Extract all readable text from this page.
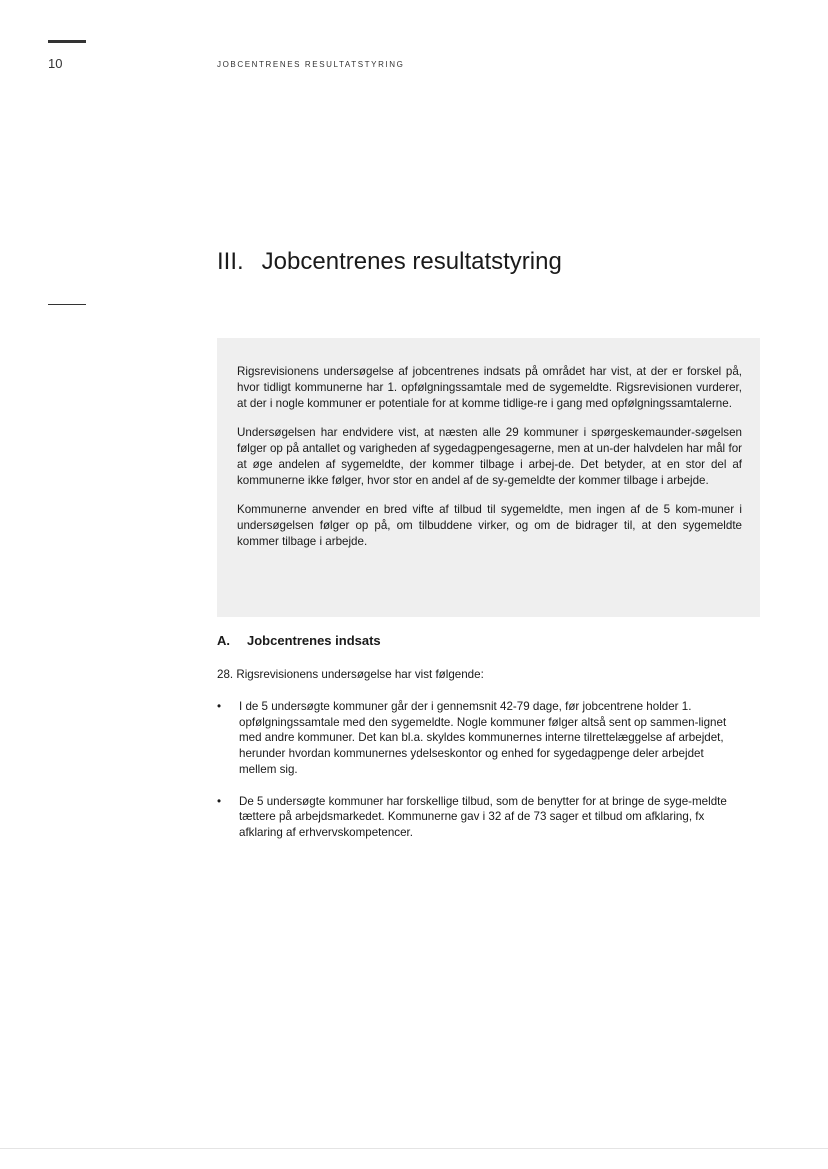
10	JOBCENTRENES RESULTATSTYRING
III. Jobcentrenes resultatstyring

Rigsrevisionens undersøgelse af jobcentrenes indsats på området har vist, at der er forskel på, hvor tidligt kommunerne har 1. opfølgningssamtale med de sygemeldte. Rigsrevisionen vurderer, at der i nogle kommuner er potentiale for at komme tidlige-re i gang med opfølgningssamtalerne.

Undersøgelsen har endvidere vist, at næsten alle 29 kommuner i spørgeskemaunder-søgelsen følger op på antallet og varigheden af sygedagpengesagerne, men at un-der halvdelen har mål for at øge andelen af sygemeldte, der kommer tilbage i arbej-de. Det betyder, at en stor del af kommunerne ikke følger, hvor stor en andel af de sy-gemeldte der kommer tilbage i arbejde.

Kommunerne anvender en bred vifte af tilbud til sygemeldte, men ingen af de 5 kom-muner i undersøgelsen følger op på, om tilbuddene virker, og om de bidrager til, at den sygemeldte kommer tilbage i arbejde.

A. Jobcentrenes indsats
28. Rigsrevisionens undersøgelse har vist følgende:
• I de 5 undersøgte kommuner går der i gennemsnit 42-79 dage, før jobcentrene holder 1. opfølgningssamtale med den sygemeldte. Nogle kommuner følger altså sent op sammen-lignet med andre kommuner. Det kan bl.a. skyldes kommunernes interne tilrettelæggelse af arbejdet, herunder hvordan kommunernes ydelseskontor og enhed for sygedagpenge deler arbejdet mellem sig.
• De 5 undersøgte kommuner har forskellige tilbud, som de benytter for at bringe de syge-meldte tættere på arbejdsmarkedet. Kommunerne gav i 32 af de 73 sager et tilbud om afklaring, fx afklaring af erhvervskompetencer.
